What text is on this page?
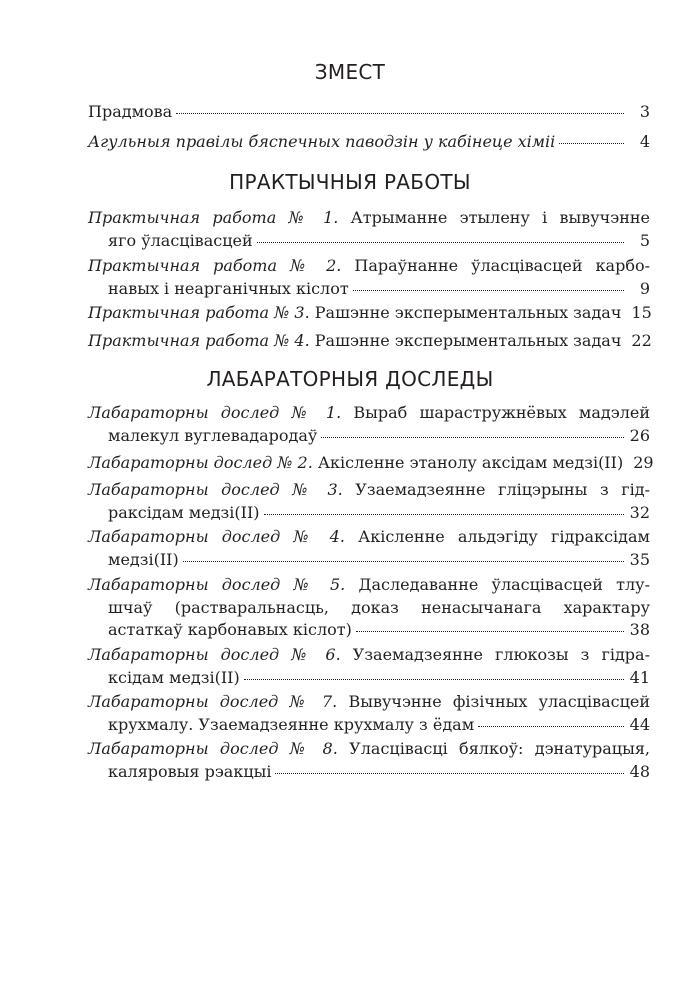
ЗМЕСТ
Прадмова	3
Агульныя правілы бяспечных паводзін у кабінеце хіміі	4
ПРАКТЫЧНЫЯ РАБОТЫ
Практычная работа № 1. Атрыманне этылену і вывучэнне
яго ўласцівасцей	5
Практычная работа № 2. Параўнанне ўласцівасцей карбо-
навых і неарганічных кіслот	9
Практычная работа № 3. Рашэнне эксперыментальных задач 15
Практычная работа № 4. Рашэнне эксперыментальных задач 22
ЛАБАРАТОРНЫЯ ДОСЛЕДЫ
Лабараторны дослед № 1. Выраб шарастружнёвых мадэлей
малекул вуглевадародаў	26
Лабараторны дослед № 2. Акісленне этанолу аксідам медзі(II) 29
Лабараторны дослед № 3. Узаемадзеянне гліцэрыны з гід-
раксідам медзі(II)	32
Лабараторны дослед № 4. Акісленне альдэгіду гідраксідам
медзі(II)	35
Лабараторны дослед № 5. Даследаванне ўласцівасцей тлу-
шчаў (растваральнасць, доказ ненасычанага характару
астаткаў карбонавых кіслот)	38
Лабараторны дослед № 6. Узаемадзеянне глюкозы з гідра-
ксідам медзі(II)	41
Лабараторны дослед № 7. Вывучэнне фізічных уласцівасцей
крухмалу. Узаемадзеянне крухмалу з ёдам	44
Лабараторны дослед № 8. Уласцівасці бялкоў: дэнатурацыя,
каляровыя рэакцыі	48
